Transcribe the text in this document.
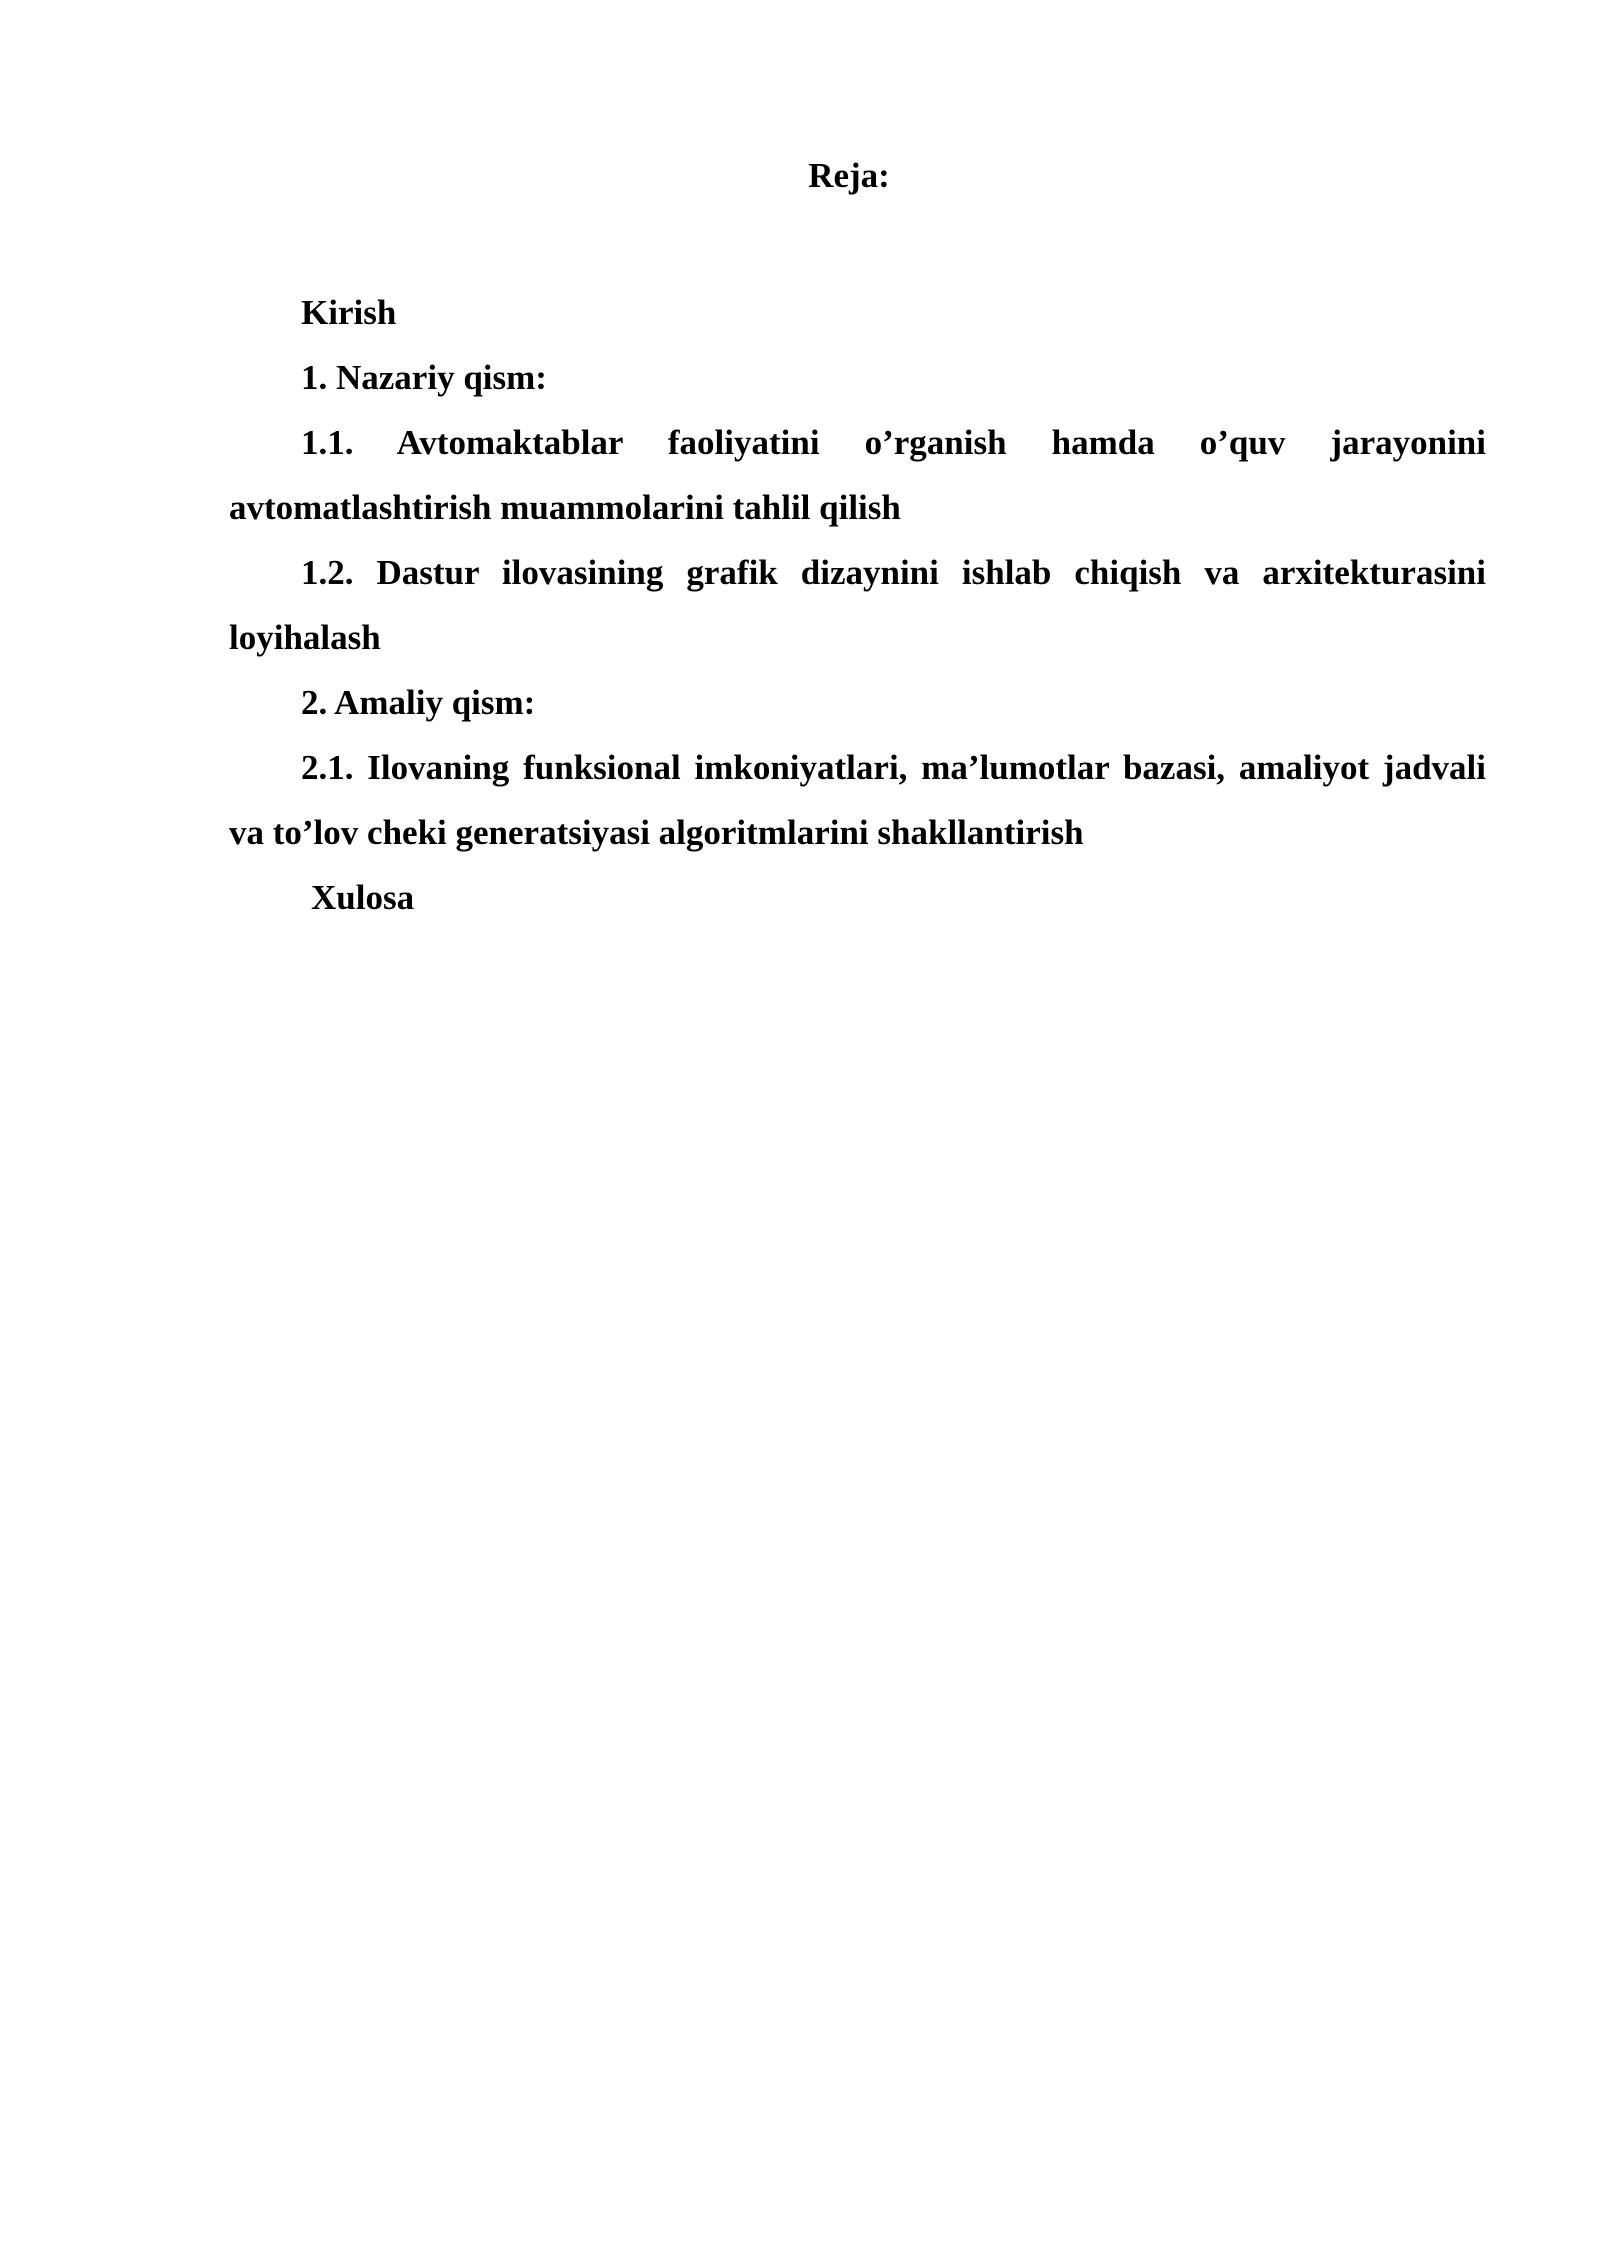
Reja:

Kirish

1. Nazariy qism:

1.1. Avtomaktablar faoliyatini o’rganish hamda o’quv jarayonini avtomatlashtirish muammolarini tahlil qilish

1.2. Dastur ilovasining grafik dizaynini ishlab chiqish va arxitekturasini loyihalash

2. Amaliy qism:

2.1. Ilovaning funksional imkoniyatlari, ma’lumotlar bazasi, amaliyot jadvali va to’lov cheki generatsiyasi algoritmlarini shakllantirish

Xulosa
